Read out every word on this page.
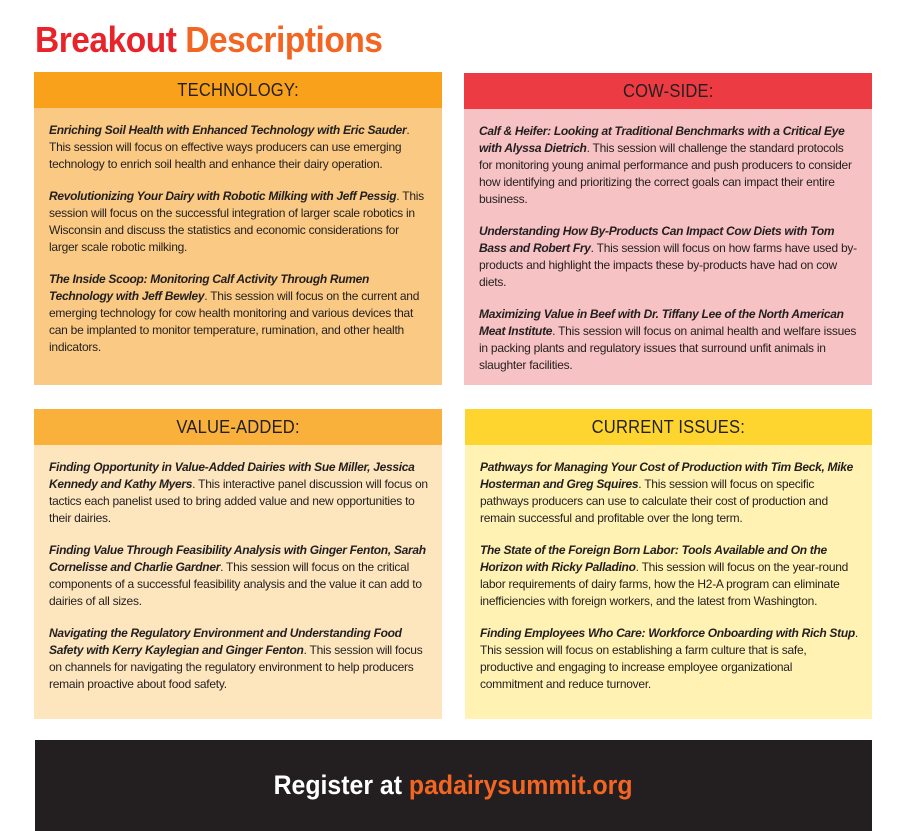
Breakout Descriptions
TECHNOLOGY:

Enriching Soil Health with Enhanced Technology with Eric Sauder. This session will focus on effective ways producers can use emerging technology to enrich soil health and enhance their dairy operation.

Revolutionizing Your Dairy with Robotic Milking with Jeff Pessig. This session will focus on the successful integration of larger scale robotics in Wisconsin and discuss the statistics and economic considerations for larger scale robotic milking.

The Inside Scoop: Monitoring Calf Activity Through Rumen Technology with Jeff Bewley. This session will focus on the current and emerging technology for cow health monitoring and various devices that can be implanted to monitor temperature, rumination, and other health indicators.

COW-SIDE:

Calf & Heifer: Looking at Traditional Benchmarks with a Critical Eye with Alyssa Dietrich. This session will challenge the standard protocols for monitoring young animal performance and push producers to consider how identifying and prioritizing the correct goals can impact their entire business.

Understanding How By-Products Can Impact Cow Diets with Tom Bass and Robert Fry. This session will focus on how farms have used by-products and highlight the impacts these by-products have had on cow diets.

Maximizing Value in Beef with Dr. Tiffany Lee of the North American Meat Institute. This session will focus on animal health and welfare issues in packing plants and regulatory issues that surround unfit animals in slaughter facilities.

VALUE-ADDED:

Finding Opportunity in Value-Added Dairies with Sue Miller, Jessica Kennedy and Kathy Myers. This interactive panel discussion will focus on tactics each panelist used to bring added value and new opportunities to their dairies.

Finding Value Through Feasibility Analysis with Ginger Fenton, Sarah Cornelisse and Charlie Gardner. This session will focus on the critical components of a successful feasibility analysis and the value it can add to dairies of all sizes.

Navigating the Regulatory Environment and Understanding Food Safety with Kerry Kaylegian and Ginger Fenton. This session will focus on channels for navigating the regulatory environment to help producers remain proactive about food safety.

CURRENT ISSUES:

Pathways for Managing Your Cost of Production with Tim Beck, Mike Hosterman and Greg Squires. This session will focus on specific pathways producers can use to calculate their cost of production and remain successful and profitable over the long term.

The State of the Foreign Born Labor: Tools Available and On the Horizon with Ricky Palladino. This session will focus on the year-round labor requirements of dairy farms, how the H2-A program can eliminate inefficiencies with foreign workers, and the latest from Washington.

Finding Employees Who Care: Workforce Onboarding with Rich Stup. This session will focus on establishing a farm culture that is safe, productive and engaging to increase employee organizational commitment and reduce turnover.

Register at padairysummit.org
